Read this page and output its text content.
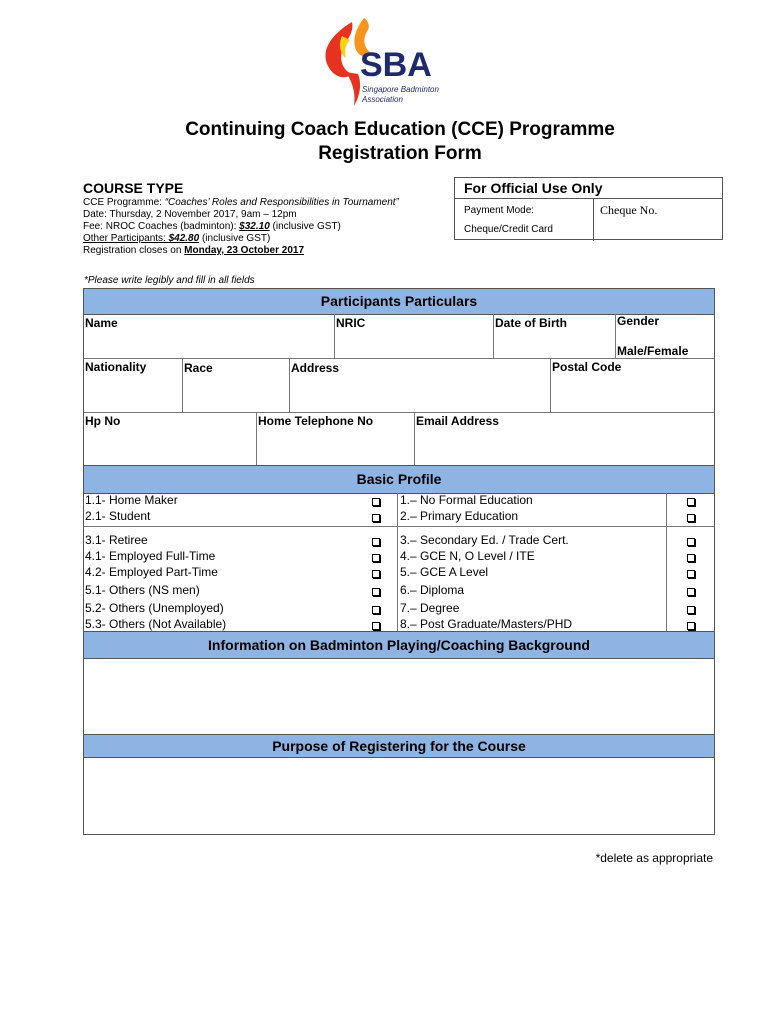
SBA
Singapore Badminton
Association
Continuing Coach Education (CCE) Programme
Registration Form
COURSE TYPE
CCE Programme: “Coaches’ Roles and Responsibilities in Tournament”
Date: Thursday, 2 November 2017, 9am – 12pm
Fee: NROC Coaches (badminton): $32.10 (inclusive GST)
Other Participants: $42.80 (inclusive GST)
Registration closes on Monday, 23 October 2017
For Official Use Only
Payment Mode:
Cheque/Credit Card
Cheque No.
*Please write legibly and fill in all fields
Participants Particulars
Name	NRIC	Date of Birth	Gender
Male/Female
Nationality	Race	Address	Postal Code
Hp No	Home Telephone No	Email Address
Basic Profile
1.1- Home Maker
2.1- Student
3.1- Retiree
4.1- Employed Full-Time
4.2- Employed Part-Time
5.1- Others (NS men)
5.2- Others (Unemployed)
5.3- Others (Not Available)
1.– No Formal Education
2.– Primary Education
3.– Secondary Ed. / Trade Cert.
4.– GCE N, O Level / ITE
5.– GCE A Level
6.– Diploma
7.– Degree
8.– Post Graduate/Masters/PHD
Information on Badminton Playing/Coaching Background
Purpose of Registering for the Course
*delete as appropriate
